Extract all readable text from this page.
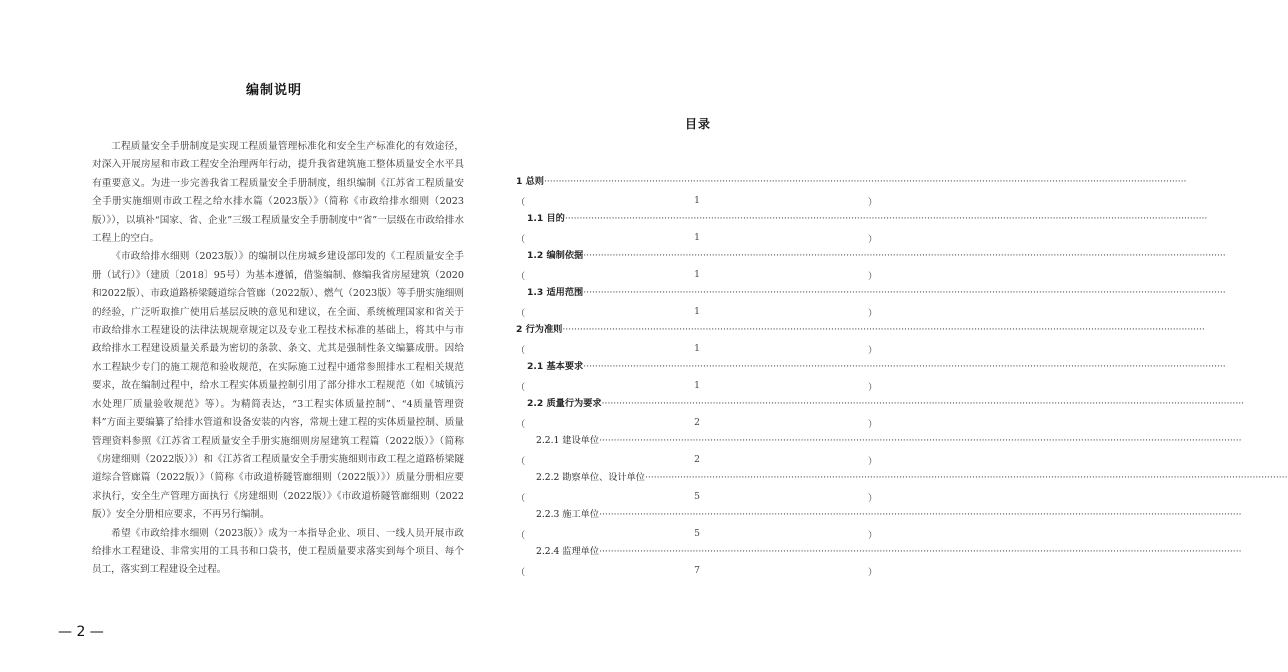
编制说明

工程质量安全手册制度是实现工程质量管理标准化和安全生产标准化的有效途径，对深入开展房屋和市政工程安全治理两年行动，提升我省建筑施工整体质量安全水平具有重要意义。为进一步完善我省工程质量安全手册制度，组织编制《江苏省工程质量安全手册实施细则市政工程之给水排水篇（2023版）》（简称《市政给排水细则（2023版）》），以填补“国家、省、企业”三级工程质量安全手册制度中“省”一层级在市政给排水工程上的空白。

《市政给排水细则（2023版）》的编制以住房城乡建设部印发的《工程质量安全手册（试行）》（建质〔2018〕95号）为基本遵循，借鉴编制、修编我省房屋建筑（2020和2022版）、市政道路桥梁隧道综合管廊（2022版）、燃气（2023版）等手册实施细则的经验，广泛听取推广使用后基层反映的意见和建议，在全面、系统梳理国家和省关于市政给排水工程建设的法律法规规章规定以及专业工程技术标准的基础上，将其中与市政给排水工程建设质量关系最为密切的条款、条文、尤其是强制性条文编纂成册。因给水工程缺少专门的施工规范和验收规范，在实际施工过程中通常参照排水工程相关规范要求，故在编制过程中，给水工程实体质量控制引用了部分排水工程规范（如《城镇污水处理厂质量验收规范》等）。为精简表达，“3工程实体质量控制”、“4质量管理资料”方面主要编纂了给排水管道和设备安装的内容，常规土建工程的实体质量控制、质量管理资料参照《江苏省工程质量安全手册实施细则房屋建筑工程篇（2022版）》（简称《房建细则（2022版）》）和《江苏省工程质量安全手册实施细则市政工程之道路桥梁隧道综合管廊篇（2022版）》（简称《市政道桥隧管廊细则（2022版）》）质量分册相应要求执行，安全生产管理方面执行《房建细则（2022版）》《市政道桥隧管廊细则（2022版）》安全分册相应要求，不再另行编制。

希望《市政给排水细则（2023版）》成为一本指导企业、项目、一线人员开展市政给排水工程建设、非常实用的工具书和口袋书，使工程质量要求落实到每个项目、每个员工，落实到工程建设全过程。

— 2 —
目录
1 总则 ····························································································································································································································
（	1	）
1.1 目的 ····························································································································································································································
（	1	）
1.2 编制依据 ····························································································································································································································
（	1	）
1.3 适用范围 ····························································································································································································································
（	1	）
2 行为准则 ····························································································································································································································
（	1	）
2.1 基本要求 ····························································································································································································································
（	1	）
2.2 质量行为要求 ····························································································································································································································
（	2	）
2.2.1 建设单位 ····························································································································································································································
（	2	）
2.2.2 勘察单位、设计单位 ····························································································································································································································
（	5	）
2.2.3 施工单位 ····························································································································································································································
（	5	）
2.2.4 监理单位 ····························································································································································································································
（	7	）
